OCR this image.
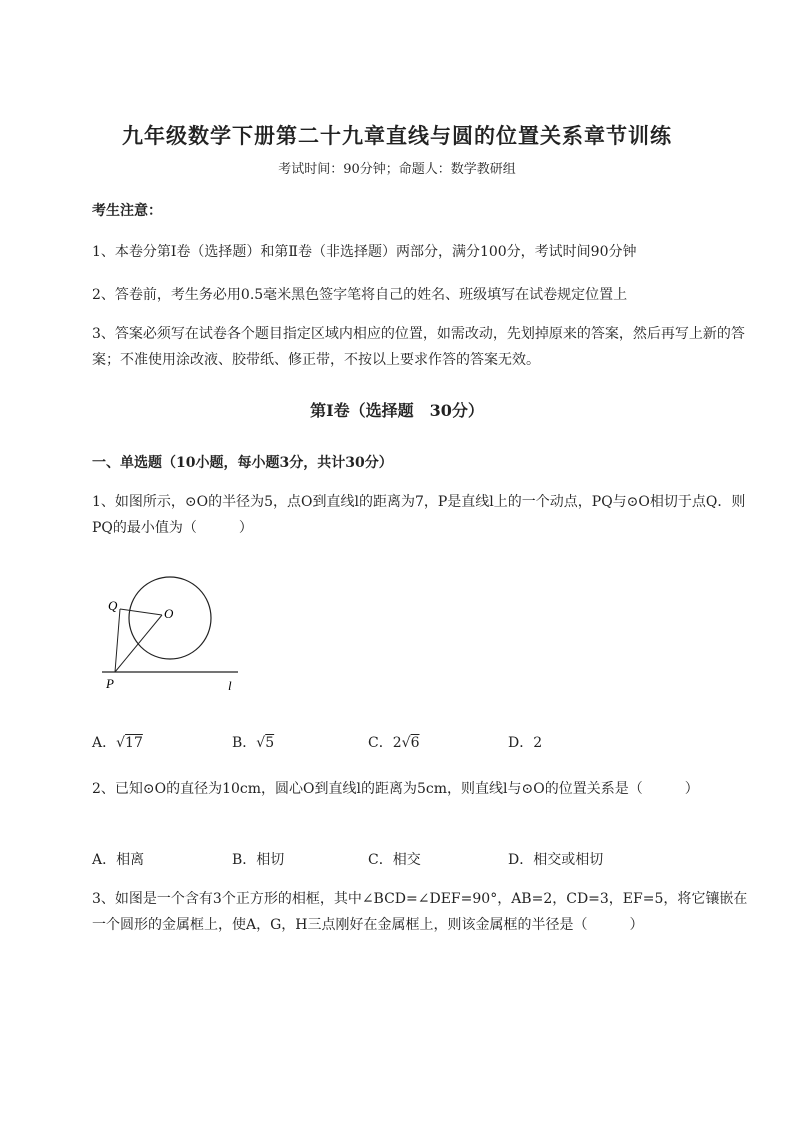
九年级数学下册第二十九章直线与圆的位置关系章节训练
考试时间：90分钟；命题人：数学教研组
考生注意：
1、本卷分第I卷（选择题）和第Ⅱ卷（非选择题）两部分，满分100分，考试时间90分钟
2、答卷前，考生务必用0.5毫米黑色签字笔将自己的姓名、班级填写在试卷规定位置上
3、答案必须写在试卷各个题目指定区域内相应的位置，如需改动，先划掉原来的答案，然后再写上新的答案；不准使用涂改液、胶带纸、修正带，不按以上要求作答的答案无效。
第I卷（选择题　30分）
一、单选题（10小题，每小题3分，共计30分）
1、如图所示，⊙O的半径为5，点O到直线l的距离为7，P是直线l上的一个动点，PQ与⊙O相切于点Q．则PQ的最小值为（　　　）
Q
O
P	l
A．√17	B．√5	C．2√6	D．2
2、已知⊙O的直径为10cm，圆心O到直线l的距离为5cm，则直线l与⊙O的位置关系是（　　　）
A．相离	B．相切	C．相交	D．相交或相切
3、如图是一个含有3个正方形的相框，其中∠BCD=∠DEF=90°，AB=2，CD=3，EF=5，将它镶嵌在一个圆形的金属框上，使A，G，H三点刚好在金属框上，则该金属框的半径是（　　　）
